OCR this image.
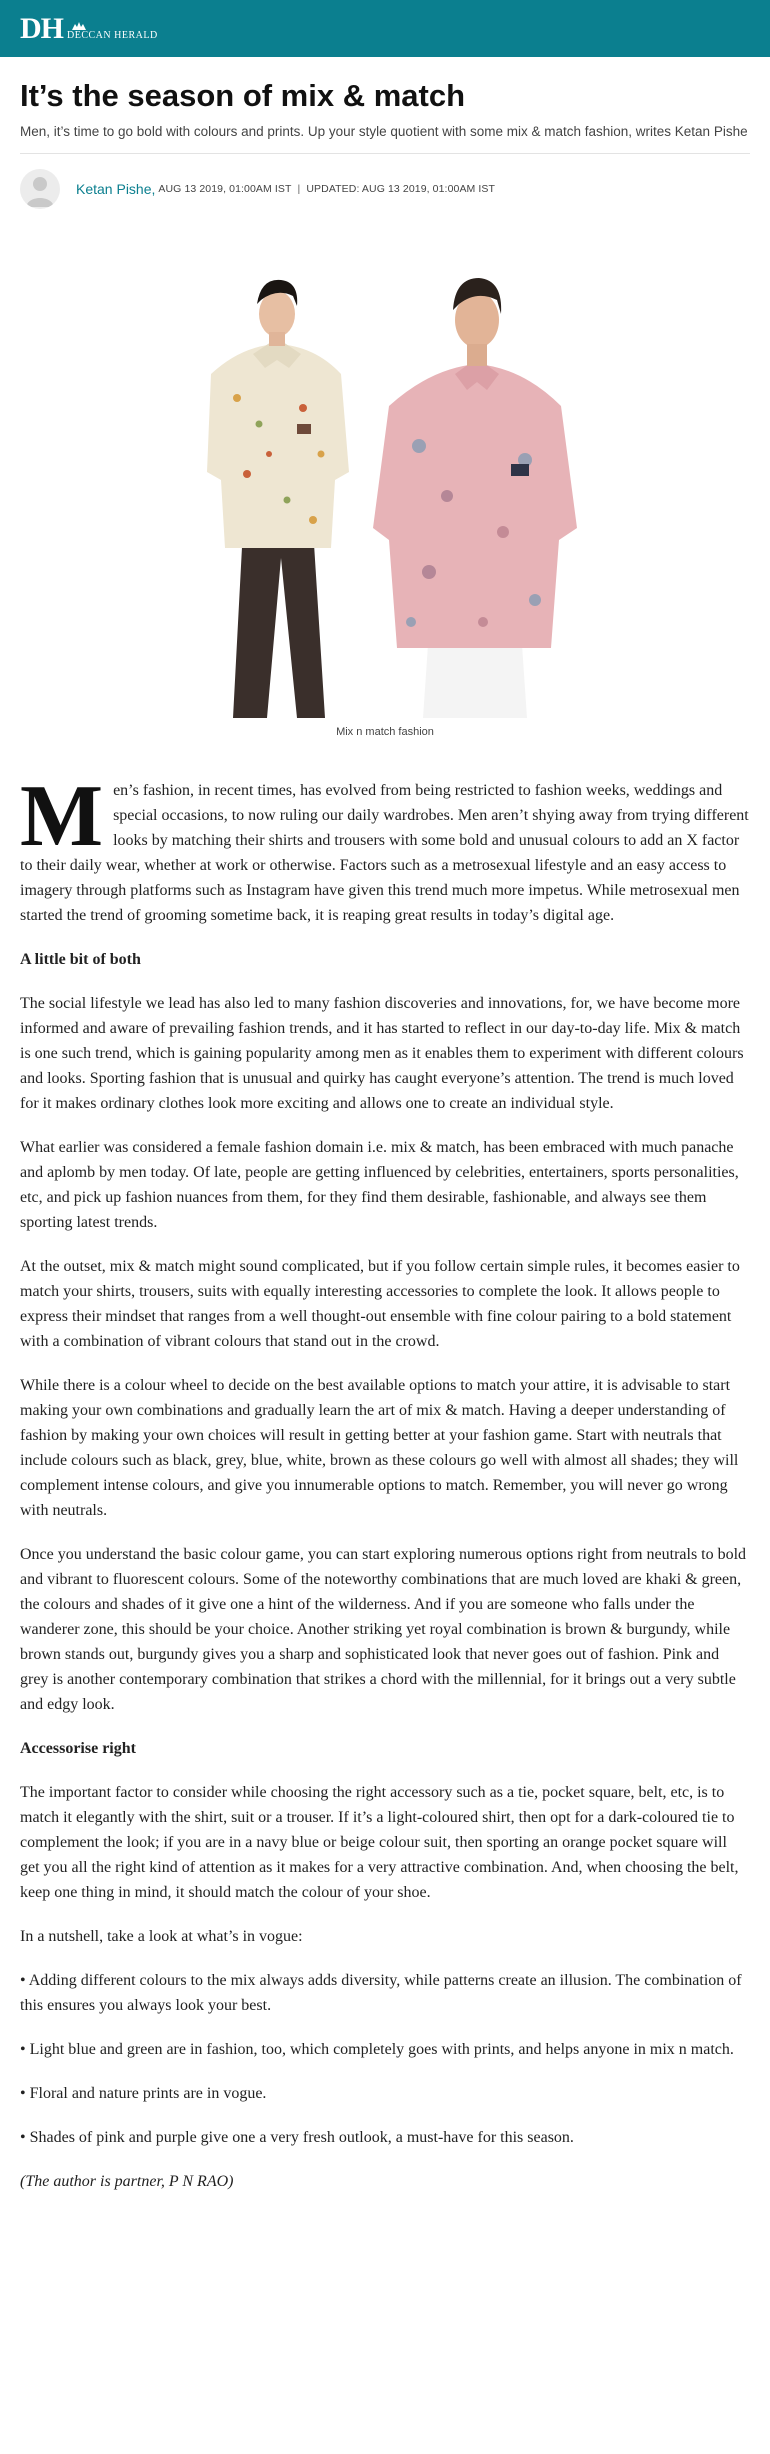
DH DECCAN HERALD
It’s the season of mix & match

Men, it’s time to go bold with colours and prints. Up your style quotient with some mix & match fashion, writes Ketan Pishe

Ketan Pishe, AUG 13 2019, 01:00AM IST | UPDATED: AUG 13 2019, 01:00AM IST
Mix n match fashion

Men’s fashion, in recent times, has evolved from being restricted to fashion weeks, weddings and special occasions, to now ruling our daily wardrobes. Men aren’t shying away from trying different looks by matching their shirts and trousers with some bold and unusual colours to add an X factor to their daily wear, whether at work or otherwise. Factors such as a metrosexual lifestyle and an easy access to imagery through platforms such as Instagram have given this trend much more impetus. While metrosexual men started the trend of grooming sometime back, it is reaping great results in today’s digital age.

A little bit of both

The social lifestyle we lead has also led to many fashion discoveries and innovations, for, we have become more informed and aware of prevailing fashion trends, and it has started to reflect in our day-to-day life. Mix & match is one such trend, which is gaining popularity among men as it enables them to experiment with different colours and looks. Sporting fashion that is unusual and quirky has caught everyone’s attention. The trend is much loved for it makes ordinary clothes look more exciting and allows one to create an individual style.

What earlier was considered a female fashion domain i.e. mix & match, has been embraced with much panache and aplomb by men today. Of late, people are getting influenced by celebrities, entertainers, sports personalities, etc, and pick up fashion nuances from them, for they find them desirable, fashionable, and always see them sporting latest trends.

At the outset, mix & match might sound complicated, but if you follow certain simple rules, it becomes easier to match your shirts, trousers, suits with equally interesting accessories to complete the look. It allows people to express their mindset that ranges from a well thought-out ensemble with fine colour pairing to a bold statement with a combination of vibrant colours that stand out in the crowd.

While there is a colour wheel to decide on the best available options to match your attire, it is advisable to start making your own combinations and gradually learn the art of mix & match. Having a deeper understanding of fashion by making your own choices will result in getting better at your fashion game. Start with neutrals that include colours such as black, grey, blue, white, brown as these colours go well with almost all shades; they will complement intense colours, and give you innumerable options to match. Remember, you will never go wrong with neutrals.

Once you understand the basic colour game, you can start exploring numerous options right from neutrals to bold and vibrant to fluorescent colours. Some of the noteworthy combinations that are much loved are khaki & green, the colours and shades of it give one a hint of the wilderness. And if you are someone who falls under the wanderer zone, this should be your choice. Another striking yet royal combination is brown & burgundy, while brown stands out, burgundy gives you a sharp and sophisticated look that never goes out of fashion. Pink and grey is another contemporary combination that strikes a chord with the millennial, for it brings out a very subtle and edgy look.

Accessorise right

The important factor to consider while choosing the right accessory such as a tie, pocket square, belt, etc, is to match it elegantly with the shirt, suit or a trouser. If it’s a light-coloured shirt, then opt for a dark-coloured tie to complement the look; if you are in a navy blue or beige colour suit, then sporting an orange pocket square will get you all the right kind of attention as it makes for a very attractive combination. And, when choosing the belt, keep one thing in mind, it should match the colour of your shoe.

In a nutshell, take a look at what’s in vogue:

• Adding different colours to the mix always adds diversity, while patterns create an illusion. The combination of this ensures you always look your best.

• Light blue and green are in fashion, too, which completely goes with prints, and helps anyone in mix n match.

• Floral and nature prints are in vogue.

• Shades of pink and purple give one a very fresh outlook, a must-have for this season.

(The author is partner, P N RAO)
